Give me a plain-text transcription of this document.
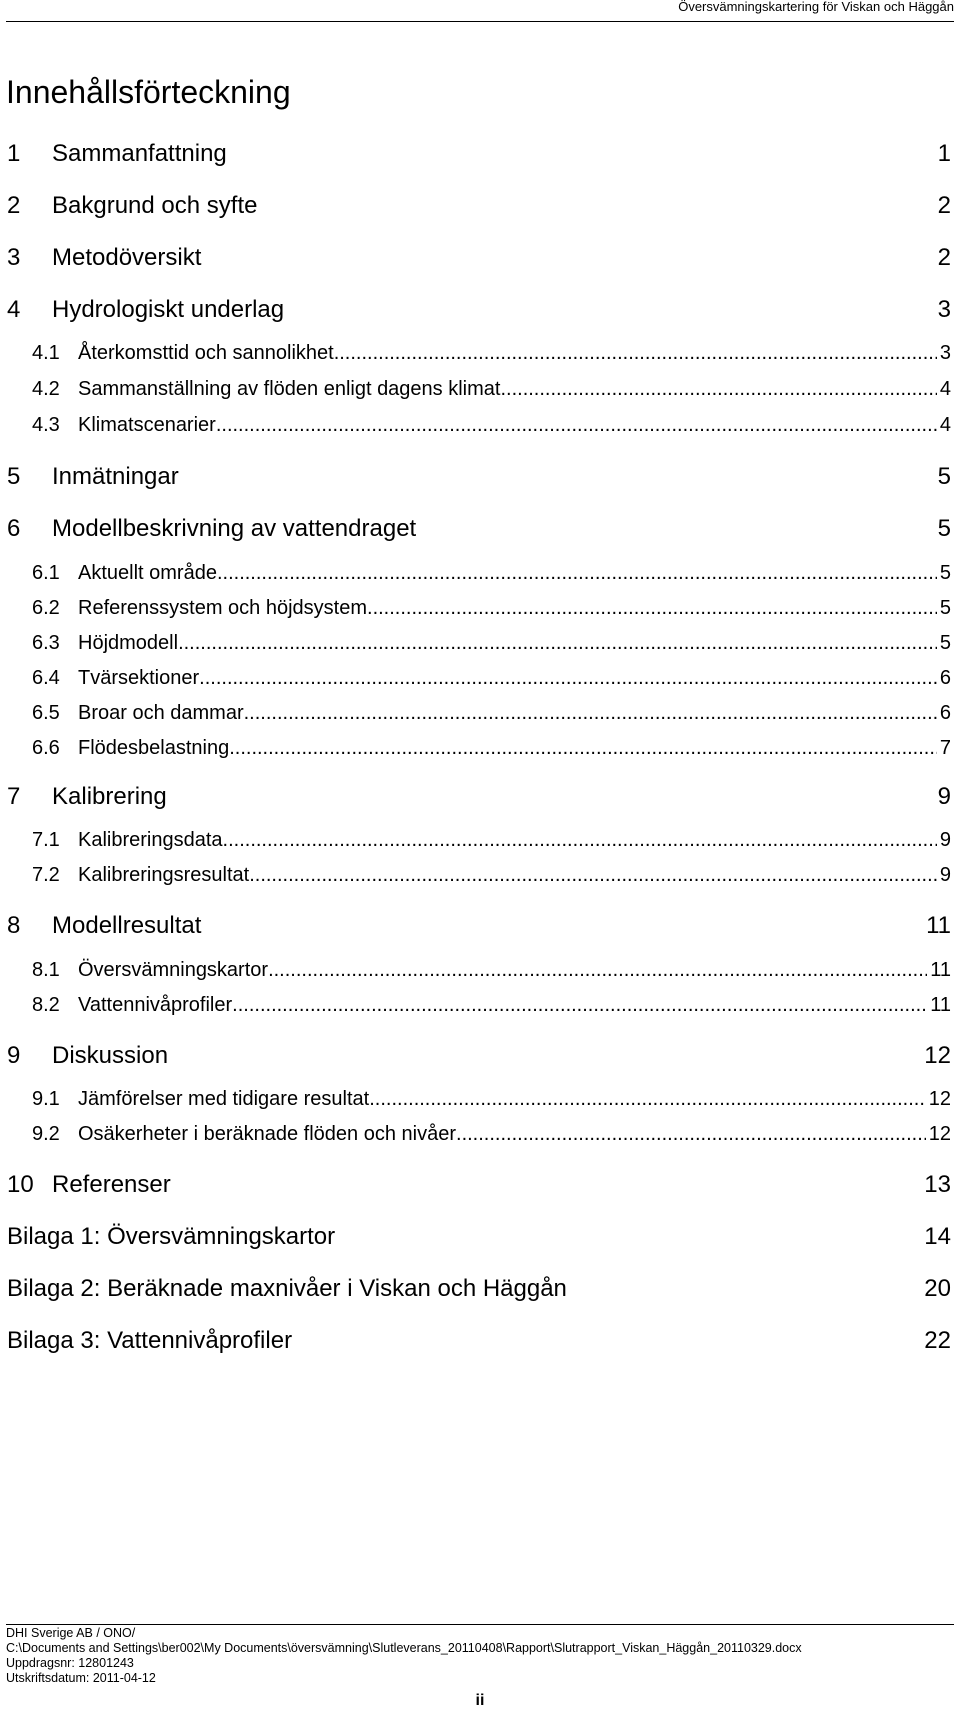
Översvämningskartering för Viskan och Häggån
Innehållsförteckning
1	Sammanfattning	1
2	Bakgrund och syfte	2
3	Metodöversikt	2
4	Hydrologiskt underlag	3
4.1 Återkomsttid och sannolikhet .....	3
4.2 Sammanställning av flöden enligt dagens klimat .....	4
4.3 Klimatscenarier .....	4
5	Inmätningar	5
6	Modellbeskrivning av vattendraget	5
6.1 Aktuellt område .....	5
6.2 Referenssystem och höjdsystem .....	5
6.3 Höjdmodell .....	5
6.4 Tvärsektioner .....	6
6.5 Broar och dammar .....	6
6.6 Flödesbelastning .....	7
7	Kalibrering	9
7.1 Kalibreringsdata .....	9
7.2 Kalibreringsresultat .....	9
8	Modellresultat	11
8.1 Översvämningskartor .....	11
8.2 Vattennivåprofiler .....	11
9	Diskussion	12
9.1 Jämförelser med tidigare resultat .....	12
9.2 Osäkerheter i beräknade flöden och nivåer .....	12
10 Referenser	13
Bilaga 1: Översvämningskartor	14
Bilaga 2: Beräknade maxnivåer i Viskan och Häggån	20
Bilaga 3: Vattennivåprofiler	22
DHI Sverige AB / ONO/
C:\Documents and Settings\ber002\My Documents\översvämning\Slutleverans_20110408\Rapport\Slutrapport_Viskan_Häggån_20110329.docx
Uppdragsnr: 12801243
Utskriftsdatum: 2011-04-12
ii
